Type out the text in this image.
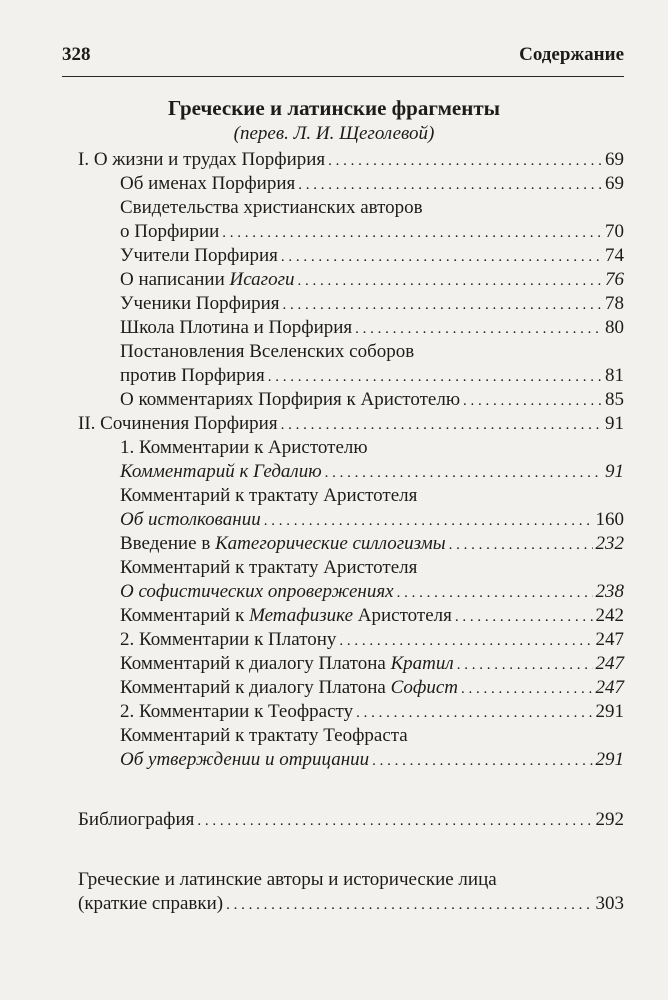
328	Содержание
Греческие и латинские фрагменты
(перев. Л. И. Щеголевой)
I. О жизни и трудах Порфирия . . .	69
Об именах Порфирия . . .	69
Свидетельства христианских авторов
о Порфирии . . .	70
Учители Порфирия . . .	74
О написании Исагоги . . .	76
Ученики Порфирия . . .	78
Школа Плотина и Порфирия . . .	80
Постановления Вселенских соборов
против Порфирия . . .	81
О комментариях Порфирия к Аристотелю . . .	85
II. Сочинения Порфирия . . .	91
1. Комментарии к Аристотелю
Комментарий к Гедалию . . .	91
Комментарий к трактату Аристотеля
Об истолковании . . .	160
Введение в Категорические силлогизмы . . .	232
Комментарий к трактату Аристотеля
О софистических опровержениях . . .	238
Комментарий к Метафизике Аристотеля . . .	242
2. Комментарии к Платону . . .	247
Комментарий к диалогу Платона Кратил . . .	247
Комментарий к диалогу Платона Софист . . .	247
2. Комментарии к Теофрасту . . .	291
Комментарий к трактату Теофраста
Об утверждении и отрицании . . .	291
Библиография . . .	292
Греческие и латинские авторы и исторические лица
(краткие справки) . . .	303
